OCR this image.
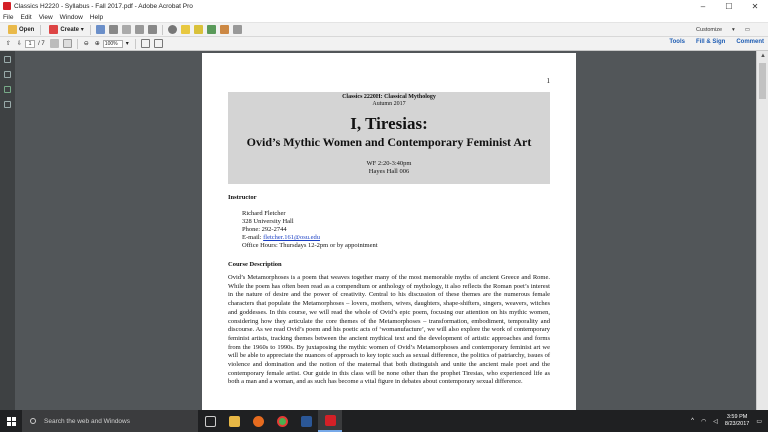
Classics H2220 - Syllabus - Fall 2017.pdf - Adobe Acrobat Pro	–	☐	✕
File Edit View Window Help
Open	Create ▾	Customize ▾ ▭
⇧ ⇩	1	/ 7	⊖ ⊕	100%	▾	Tools Fill & Sign Comment
1
Classics 2220H: Classical Mythology
Autumn 2017
I, Tiresias:
Ovid’s Mythic Women and Contemporary Feminist Art
WF 2:20-3:40pm
Hayes Hall 006
Instructor
Richard Fletcher
328 University Hall
Phone: 292-2744
E-mail: fletcher.161@osu.edu
Office Hours: Thursdays 12-2pm or by appointment
Course Description
Ovid’s Metamorphoses is a poem that weaves together many of the most memorable myths of ancient Greece and Rome. While the poem has often been read as a compendium or anthology of mythology, it also reflects the Roman poet’s interest in the nature of desire and the power of creativity. Central to his discussion of these themes are the numerous female characters that populate the Metamorphoses – lovers, mothers, wives, daughters, shape-shifters, singers, weavers, witches and goddesses. In this course, we will read the whole of Ovid’s epic poem, focusing our attention on his mythic women, considering how they articulate the core themes of the Metamorphoses – transformation, embodiment, temporality and discourse. As we read Ovid’s poem and his poetic acts of ‘womanufacture’, we will also explore the work of contemporary feminist artists, tracking themes between the ancient mythical text and the development of artistic approaches and forms from the 1960s to 1990s. By juxtaposing the mythic women of Ovid’s Metamorphoses and contemporary feminist art we will be able to appreciate the nuances of approach to key topic such as sexual difference, the politics of patriarchy, issues of violence and domination and the notion of the maternal that both distinguish and unite the ancient male poet and the contemporary female artist. Our guide in this class will be none other than the prophet Tiresias, who experienced life as both a man and a woman, and as such has become a vital figure in debates about contemporary sexual difference.
▲
Search the web and Windows	^ ◠ ◁
3:59 PM
8/23/2017 ▭
